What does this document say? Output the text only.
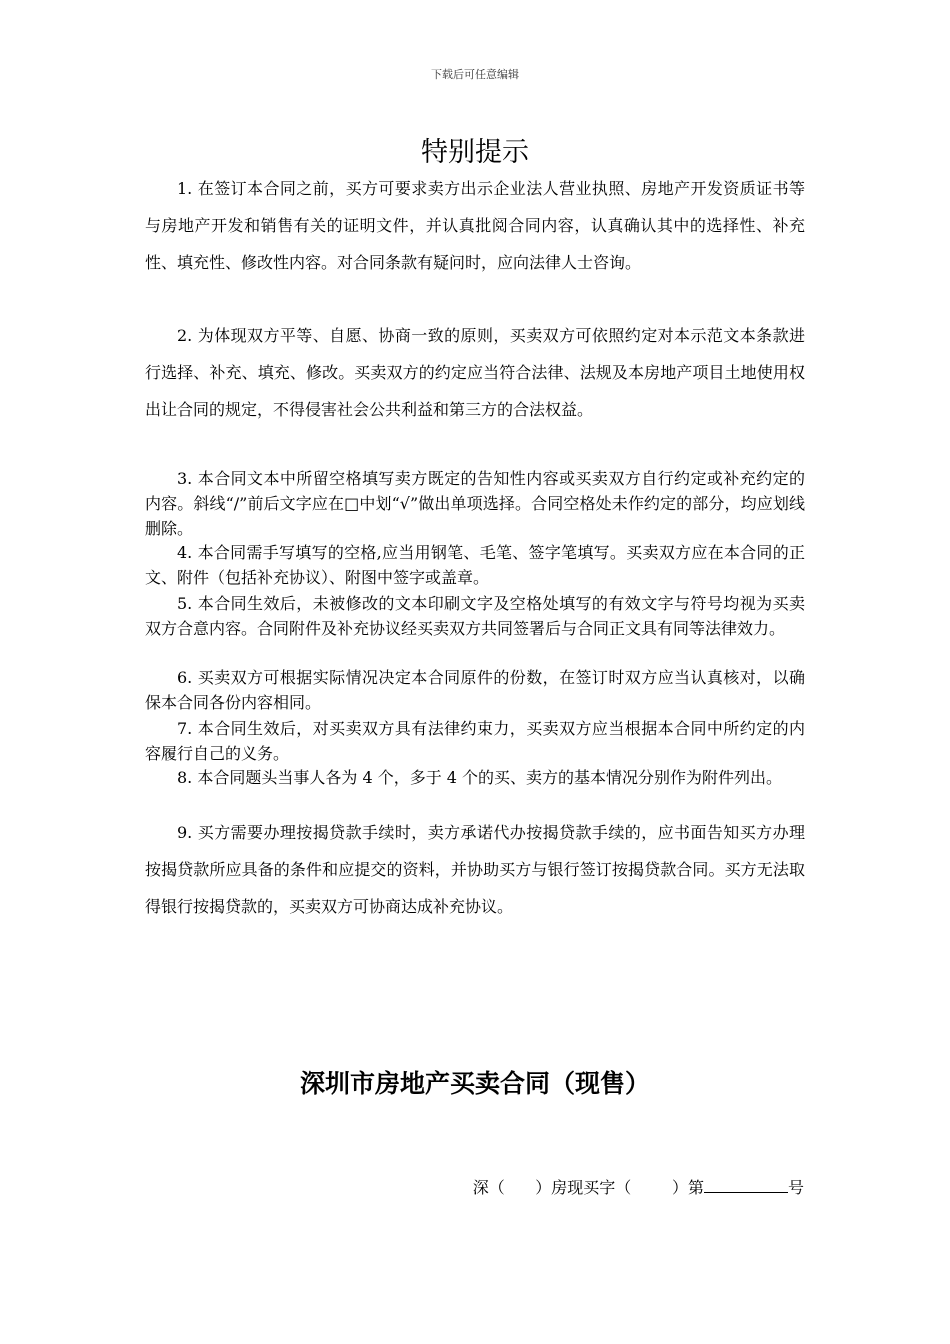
下载后可任意编辑
特别提示

1. 在签订本合同之前，买方可要求卖方出示企业法人营业执照、房地产开发资质证书等与房地产开发和销售有关的证明文件，并认真批阅合同内容，认真确认其中的选择性、补充性、填充性、修改性内容。对合同条款有疑问时，应向法律人士咨询。

2. 为体现双方平等、自愿、协商一致的原则，买卖双方可依照约定对本示范文本条款进行选择、补充、填充、修改。买卖双方的约定应当符合法律、法规及本房地产项目土地使用权出让合同的规定，不得侵害社会公共利益和第三方的合法权益。

3. 本合同文本中所留空格填写卖方既定的告知性内容或买卖双方自行约定或补充约定的内容。斜线“/”前后文字应在□中划“√”做出单项选择。合同空格处未作约定的部分，均应划线删除。

4. 本合同需手写填写的空格,应当用钢笔、毛笔、签字笔填写。买卖双方应在本合同的正文、附件（包括补充协议）、附图中签字或盖章。

5. 本合同生效后，未被修改的文本印刷文字及空格处填写的有效文字与符号均视为买卖双方合意内容。合同附件及补充协议经买卖双方共同签署后与合同正文具有同等法律效力。

6. 买卖双方可根据实际情况决定本合同原件的份数，在签订时双方应当认真核对，以确保本合同各份内容相同。

7. 本合同生效后，对买卖双方具有法律约束力，买卖双方应当根据本合同中所约定的内容履行自己的义务。

8. 本合同题头当事人各为 4 个，多于 4 个的买、卖方的基本情况分别作为附件列出。

9. 买方需要办理按揭贷款手续时，卖方承诺代办按揭贷款手续的，应书面告知买方办理按揭贷款所应具备的条件和应提交的资料，并协助买方与银行签订按揭贷款合同。买方无法取得银行按揭贷款的，买卖双方可协商达成补充协议。

深圳市房地产买卖合同（现售）
深（      ）房现买字（        ）第	号
